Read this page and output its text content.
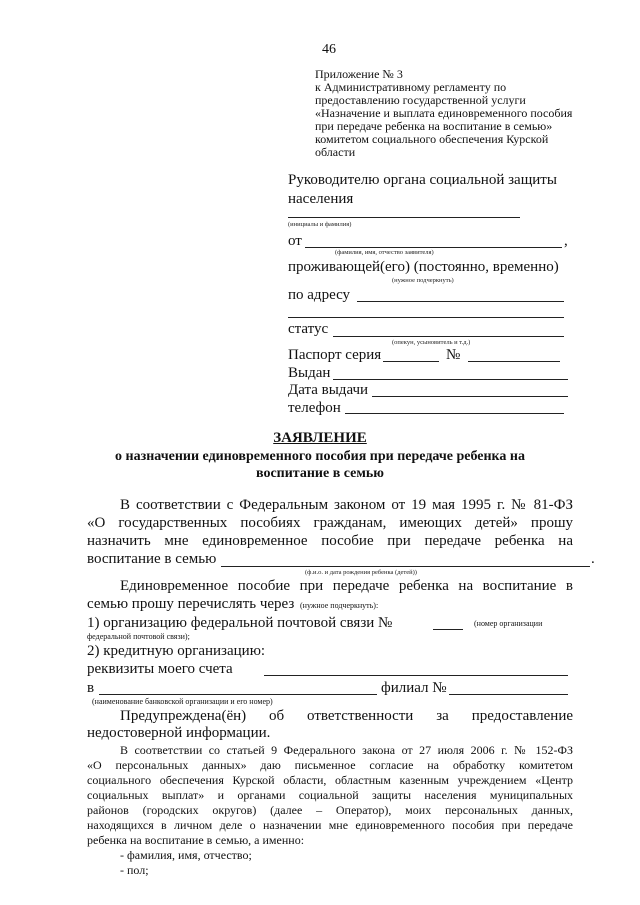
46
Приложение № 3
к Административному регламенту по
предоставлению государственной услуги
«Назначение и выплата единовременного пособия
при передаче ребенка на воспитание в семью»
комитетом социального обеспечения Курской
области
Руководителю органа социальной защиты
населения
(инициалы и фамилия)
от	,
(фамилия, имя, отчество заявителя)
проживающей(его) (постоянно, временно)
(нужное подчеркнуть)
по адресу
статус
(опекун, усыновитель и т.д.)
Паспорт серия	№
Выдан
Дата выдачи
телефон
ЗАЯВЛЕНИЕ
о назначении единовременного пособия при передаче ребенка на
воспитание в семью
В соответствии с Федеральным законом от 19 мая 1995 г. № 81-ФЗ
«О государственных пособиях гражданам, имеющих детей» прошу
назначить мне единовременное пособие при передаче ребенка на
воспитание в семью	.
(ф.и.о. и дата рождения ребенка (детей))
Единовременное пособие при передаче ребенка на воспитание в
семью прошу перечислять через (нужное подчеркнуть):
1) организацию федеральной почтовой связи №	(номер организации
федеральной почтовой связи);
2) кредитную организацию:
реквизиты моего счета
в	филиал №
(наименование банковской организации и его номер)
Предупреждена(ён) об ответственности за предоставление
недостоверной информации.
В соответствии со статьей 9 Федерального закона от 27 июля 2006 г. № 152-ФЗ
«О персональных данных» даю письменное согласие на обработку комитетом
социального обеспечения Курской области, областным казенным учреждением «Центр
социальных выплат» и органами социальной защиты населения муниципальных
районов (городских округов) (далее – Оператор), моих персональных данных,
находящихся в личном деле о назначении мне единовременного пособия при передаче
ребенка на воспитание в семью, а именно:
- фамилия, имя, отчество;
- пол;
